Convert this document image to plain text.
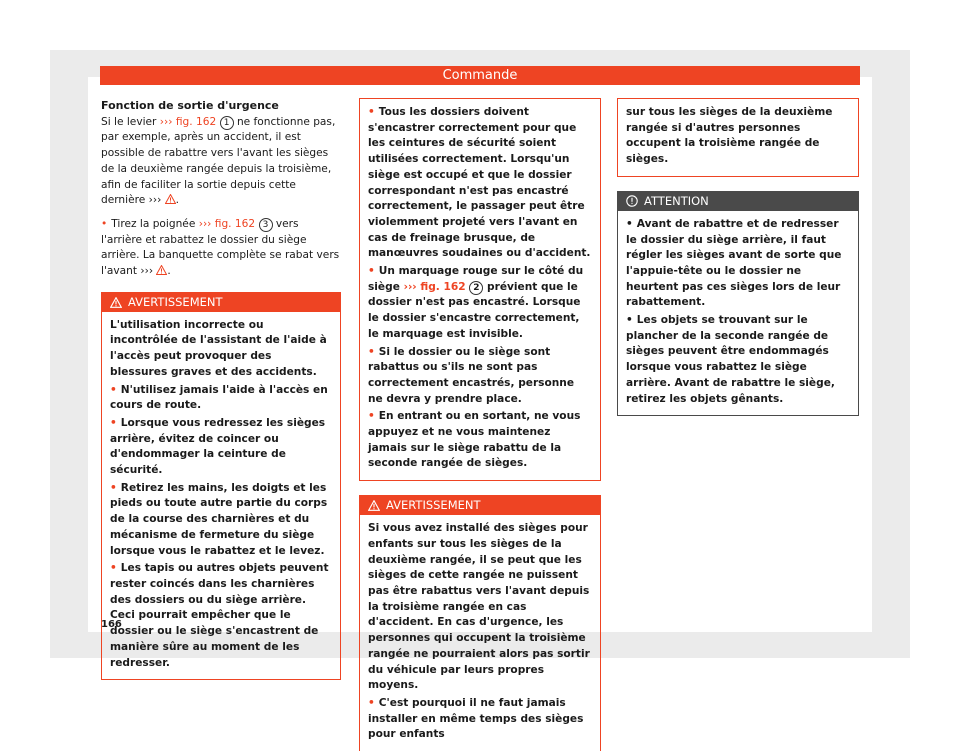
Commande

Fonction de sortie d'urgence

Si le levier ››› fig. 162 1 ne fonctionne pas, par exemple, après un accident, il est possible de rabattre vers l'avant les sièges de la deuxième rangée depuis la troisième, afin de faciliter la sortie depuis cette dernière ››› .

• Tirez la poignée ››› fig. 162 3 vers l'arrière et rabattez le dossier du siège arrière. La banquette complète se rabat vers l'avant ››› .

AVERTISSEMENT

L'utilisation incorrecte ou incontrôlée de l'assistant de l'aide à l'accès peut provoquer des blessures graves et des accidents.

• N'utilisez jamais l'aide à l'accès en cours de route.

• Lorsque vous redressez les sièges arrière, évitez de coincer ou d'endommager la ceinture de sécurité.

• Retirez les mains, les doigts et les pieds ou toute autre partie du corps de la course des charnières et du mécanisme de fermeture du siège lorsque vous le rabattez et le levez.

• Les tapis ou autres objets peuvent rester coincés dans les charnières des dossiers ou du siège arrière. Ceci pourrait empêcher que le dossier ou le siège s'encastrent de manière sûre au moment de les redresser.

• Tous les dossiers doivent s'encastrer correctement pour que les ceintures de sécurité soient utilisées correctement. Lorsqu'un siège est occupé et que le dossier correspondant n'est pas encastré correctement, le passager peut être violemment projeté vers l'avant en cas de freinage brusque, de manœuvres soudaines ou d'accident.

• Un marquage rouge sur le côté du siège ››› fig. 162 2 prévient que le dossier n'est pas encastré. Lorsque le dossier s'encastre correctement, le marquage est invisible.

• Si le dossier ou le siège sont rabattus ou s'ils ne sont pas correctement encastrés, personne ne devra y prendre place.

• En entrant ou en sortant, ne vous appuyez et ne vous maintenez jamais sur le siège rabattu de la seconde rangée de sièges.

AVERTISSEMENT

Si vous avez installé des sièges pour enfants sur tous les sièges de la deuxième rangée, il se peut que les sièges de cette rangée ne puissent pas être rabattus vers l'avant depuis la troisième rangée en cas d'accident. En cas d'urgence, les personnes qui occupent la troisième rangée ne pourraient alors pas sortir du véhicule par leurs propres moyens.

• C'est pourquoi il ne faut jamais installer en même temps des sièges pour enfants

sur tous les sièges de la deuxième rangée si d'autres personnes occupent la troisième rangée de sièges.

ATTENTION

• Avant de rabattre et de redresser le dossier du siège arrière, il faut régler les sièges avant de sorte que l'appuie-tête ou le dossier ne heurtent pas ces sièges lors de leur rabattement.

• Les objets se trouvant sur le plancher de la seconde rangée de sièges peuvent être endommagés lorsque vous rabattez le siège arrière. Avant de rabattre le siège, retirez les objets gênants.

166
